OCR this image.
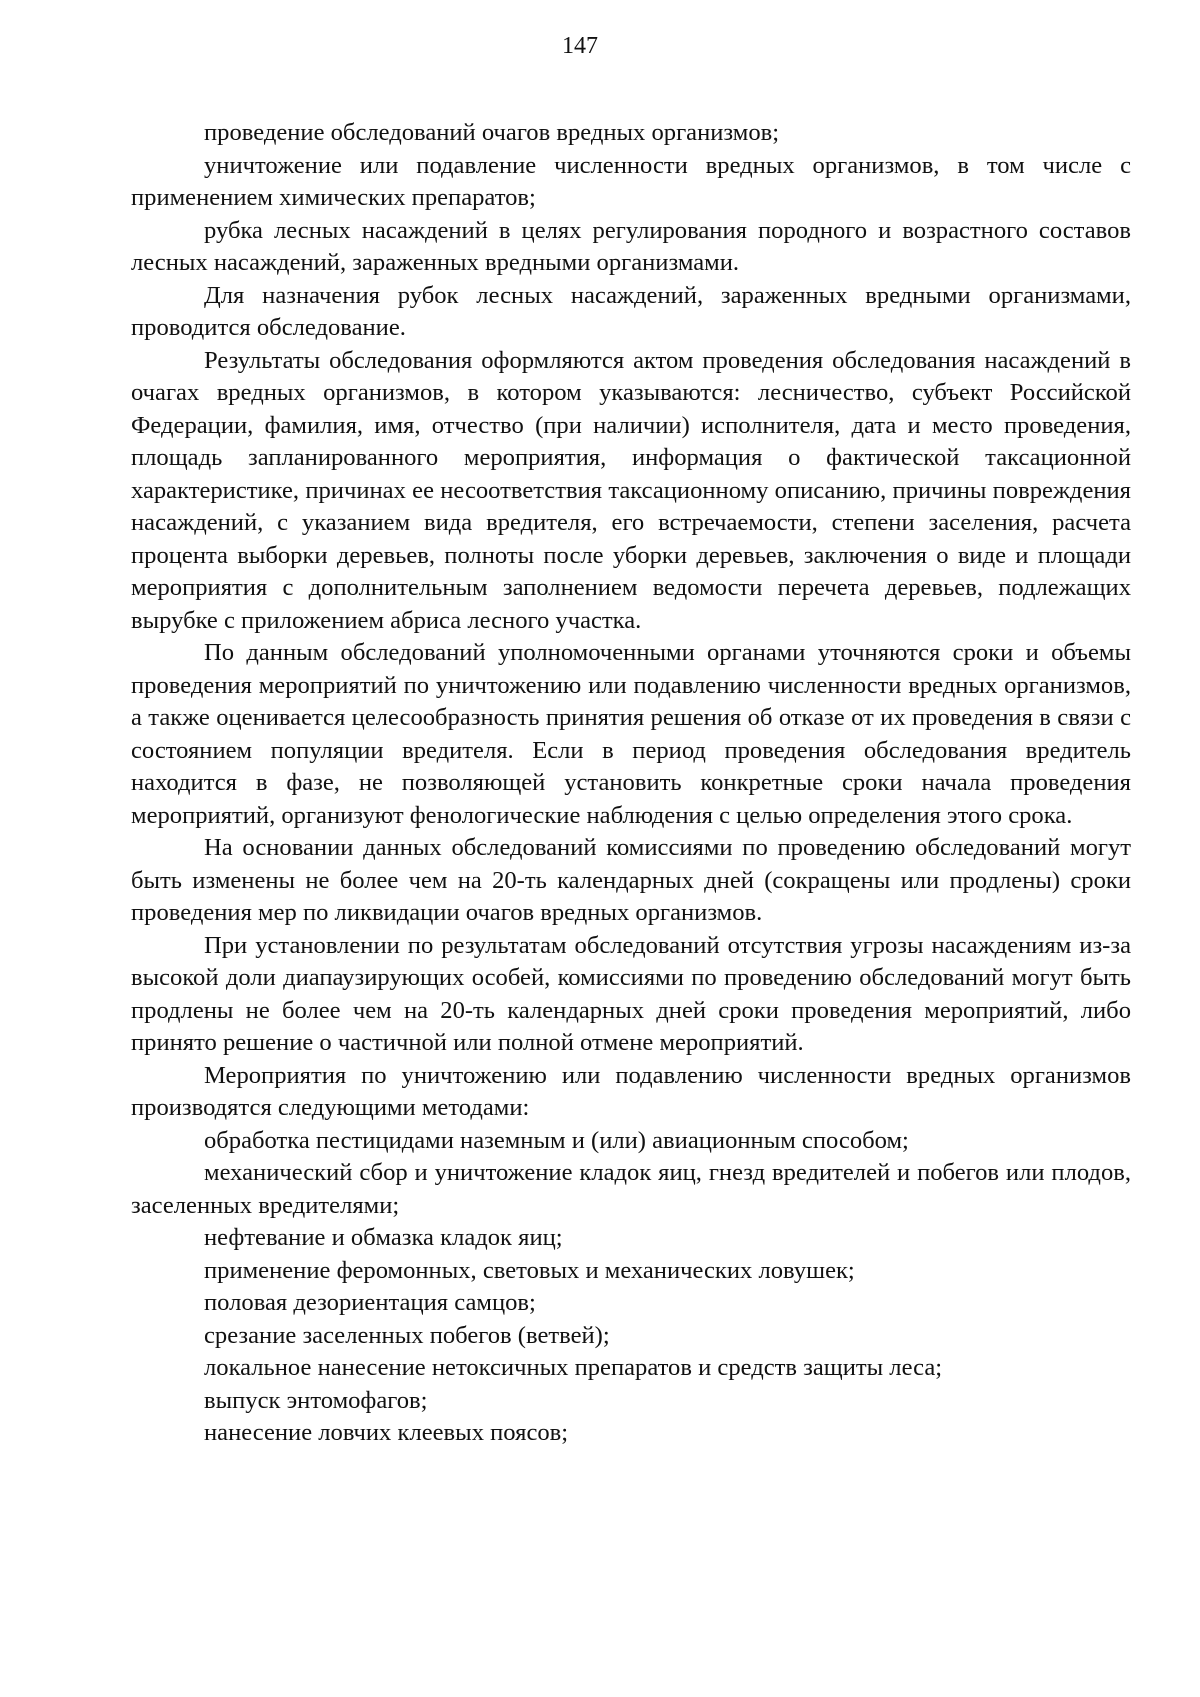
147

проведение обследований очагов вредных организмов;

уничтожение или подавление численности вредных организмов, в том числе с применением химических препаратов;

рубка лесных насаждений в целях регулирования породного и возрастного составов лесных насаждений, зараженных вредными организмами.

Для назначения рубок лесных насаждений, зараженных вредными организмами, проводится обследование.

Результаты обследования оформляются актом проведения обследования насаждений в очагах вредных организмов, в котором указываются: лесничество, субъект Российской Федерации, фамилия, имя, отчество (при наличии) исполнителя, дата и место проведения, площадь запланированного мероприятия, информация о фактической таксационной характеристике, причинах ее несоответствия таксационному описанию, причины повреждения насаждений, с указанием вида вредителя, его встречаемости, степени заселения, расчета процента выборки деревьев, полноты после уборки деревьев, заключения о виде и площади мероприятия с дополнительным заполнением ведомости перечета деревьев, подлежащих вырубке с приложением абриса лесного участка.

По данным обследований уполномоченными органами уточняются сроки и объемы проведения мероприятий по уничтожению или подавлению численности вредных организмов, а также оценивается целесообразность принятия решения об отказе от их проведения в связи с состоянием популяции вредителя. Если в период проведения обследования вредитель находится в фазе, не позволяющей установить конкретные сроки начала проведения мероприятий, организуют фенологические наблюдения с целью определения этого срока.

На основании данных обследований комиссиями по проведению обследований могут быть изменены не более чем на 20-ть календарных дней (сокращены или продлены) сроки проведения мер по ликвидации очагов вредных организмов.

При установлении по результатам обследований отсутствия угрозы насаждениям из-за высокой доли диапаузирующих особей, комиссиями по проведению обследований могут быть продлены не более чем на 20-ть календарных дней сроки проведения мероприятий, либо принято решение о частичной или полной отмене мероприятий.

Мероприятия по уничтожению или подавлению численности вредных организмов производятся следующими методами:

обработка пестицидами наземным и (или) авиационным способом;

механический сбор и уничтожение кладок яиц, гнезд вредителей и побегов или плодов, заселенных вредителями;

нефтевание и обмазка кладок яиц;

применение феромонных, световых и механических ловушек;

половая дезориентация самцов;

срезание заселенных побегов (ветвей);

локальное нанесение нетоксичных препаратов и средств защиты леса;

выпуск энтомофагов;

нанесение ловчих клеевых поясов;
